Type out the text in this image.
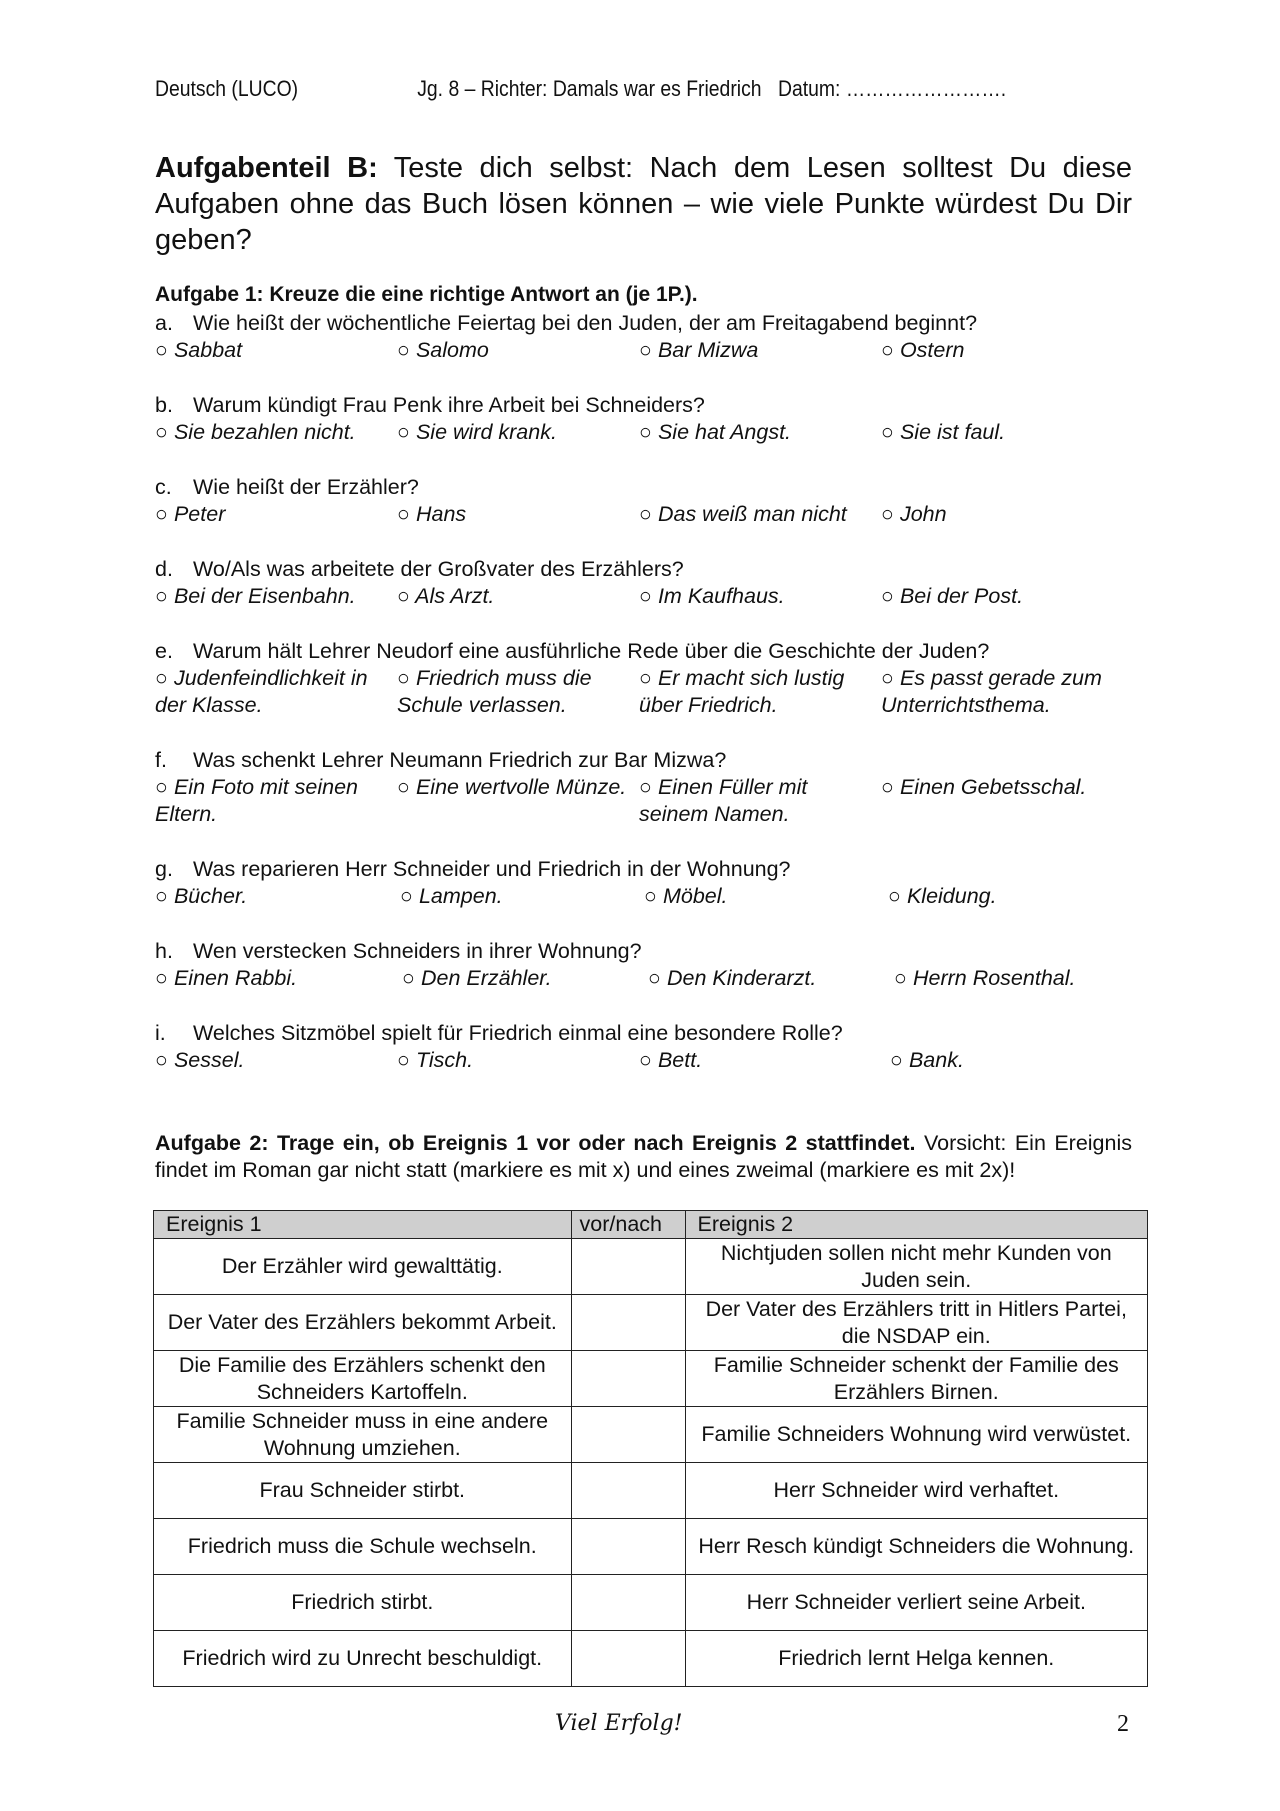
Deutsch (LUCO)	Jg. 8 – Richter: Damals war es Friedrich Datum: …………………….
Aufgabenteil B: Teste dich selbst: Nach dem Lesen solltest Du diese Aufgaben ohne das Buch lösen können – wie viele Punkte würdest Du Dir geben?
Aufgabe 1: Kreuze die eine richtige Antwort an (je 1P.).
a. Wie heißt der wöchentliche Feiertag bei den Juden, der am Freitagabend beginnt?
○ Sabbat	○ Salomo	○ Bar Mizwa	○ Ostern
b. Warum kündigt Frau Penk ihre Arbeit bei Schneiders?
○ Sie bezahlen nicht.	○ Sie wird krank.	○ Sie hat Angst.	○ Sie ist faul.
c. Wie heißt der Erzähler?
○ Peter	○ Hans	○ Das weiß man nicht	○ John
d. Wo/Als was arbeitete der Großvater des Erzählers?
○ Bei der Eisenbahn.	○ Als Arzt.	○ Im Kaufhaus.	○ Bei der Post.
e. Warum hält Lehrer Neudorf eine ausführliche Rede über die Geschichte der Juden?
○ Judenfeindlichkeit in der Klasse.
○ Friedrich muss die Schule verlassen.
○ Er macht sich lustig über Friedrich.
○ Es passt gerade zum Unterrichtsthema.
f. Was schenkt Lehrer Neumann Friedrich zur Bar Mizwa?
○ Ein Foto mit seinen Eltern.
○ Eine wertvolle Münze. ○ Einen Füller mit seinem Namen.
○ Einen Gebetsschal.
g. Was reparieren Herr Schneider und Friedrich in der Wohnung?
○ Bücher.	○ Lampen.	○ Möbel.	○ Kleidung.
h. Wen verstecken Schneiders in ihrer Wohnung?
○ Einen Rabbi.	○ Den Erzähler.	○ Den Kinderarzt.	○ Herrn Rosenthal.
i. Welches Sitzmöbel spielt für Friedrich einmal eine besondere Rolle?
○ Sessel.	○ Tisch.	○ Bett.	○ Bank.
Aufgabe 2: Trage ein, ob Ereignis 1 vor oder nach Ereignis 2 stattfindet. Vorsicht: Ein Ereignis findet im Roman gar nicht statt (markiere es mit x) und eines zweimal (markiere es mit 2x)!
Ereignis 1	vor/nach	Ereignis 2
Der Erzähler wird gewalttätig.		Nichtjuden sollen nicht mehr Kunden von Juden sein.
Der Vater des Erzählers bekommt Arbeit.		Der Vater des Erzählers tritt in Hitlers Partei, die NSDAP ein.
Die Familie des Erzählers schenkt den Schneiders Kartoffeln.		Familie Schneider schenkt der Familie des Erzählers Birnen.
Familie Schneider muss in eine andere Wohnung umziehen.		Familie Schneiders Wohnung wird verwüstet.
Frau Schneider stirbt.		Herr Schneider wird verhaftet.
Friedrich muss die Schule wechseln.		Herr Resch kündigt Schneiders die Wohnung.
Friedrich stirbt.		Herr Schneider verliert seine Arbeit.
Friedrich wird zu Unrecht beschuldigt.		Friedrich lernt Helga kennen.
Viel Erfolg!	2
